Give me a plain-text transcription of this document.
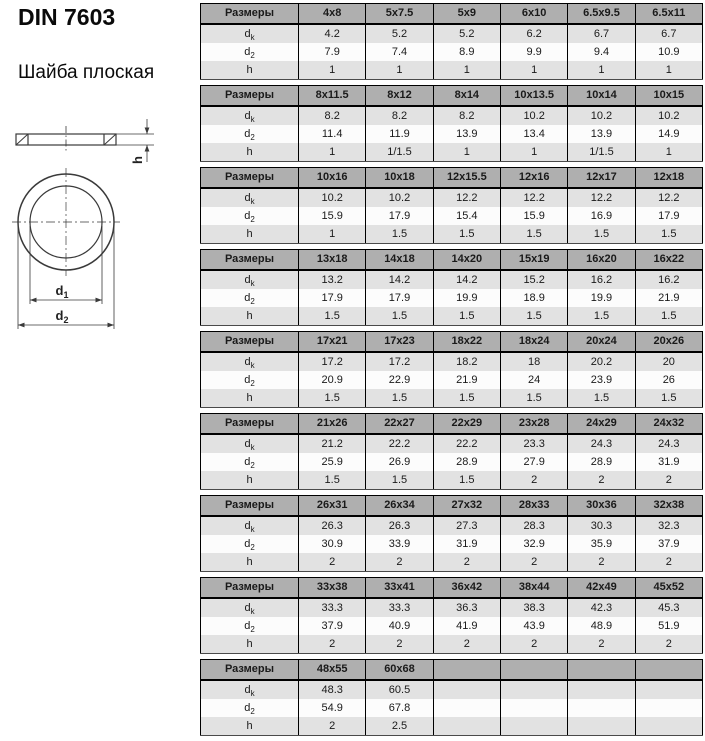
DIN 7603
Шайба плоская
h
$d_1$
$d_2$
Размеры	4x8	5x7.5	5x9	6x10	6.5x9.5	6.5x11
$d_k$	4.2	5.2	5.2	6.2	6.7	6.7
$d_2$	7.9	7.4	8.9	9.9	9.4	10.9
h	1	1	1	1	1	1
Размеры	8x11.5	8x12	8x14	10x13.5	10x14	10x15
$d_k$	8.2	8.2	8.2	10.2	10.2	10.2
$d_2$	11.4	11.9	13.9	13.4	13.9	14.9
h	1	1/1.5	1	1	1/1.5	1
Размеры	10x16	10x18	12x15.5	12x16	12x17	12x18
$d_k$	10.2	10.2	12.2	12.2	12.2	12.2
$d_2$	15.9	17.9	15.4	15.9	16.9	17.9
h	1	1.5	1.5	1.5	1.5	1.5
Размеры	13x18	14x18	14x20	15x19	16x20	16x22
$d_k$	13.2	14.2	14.2	15.2	16.2	16.2
$d_2$	17.9	17.9	19.9	18.9	19.9	21.9
h	1.5	1.5	1.5	1.5	1.5	1.5
Размеры	17x21	17x23	18x22	18x24	20x24	20x26
$d_k$	17.2	17.2	18.2	18	20.2	20
$d_2$	20.9	22.9	21.9	24	23.9	26
h	1.5	1.5	1.5	1.5	1.5	1.5
Размеры	21x26	22x27	22x29	23x28	24x29	24x32
$d_k$	21.2	22.2	22.2	23.3	24.3	24.3
$d_2$	25.9	26.9	28.9	27.9	28.9	31.9
h	1.5	1.5	1.5	2	2	2
Размеры	26x31	26x34	27x32	28x33	30x36	32x38
$d_k$	26.3	26.3	27.3	28.3	30.3	32.3
$d_2$	30.9	33.9	31.9	32.9	35.9	37.9
h	2	2	2	2	2	2
Размеры	33x38	33x41	36x42	38x44	42x49	45x52
$d_k$	33.3	33.3	36.3	38.3	42.3	45.3
$d_2$	37.9	40.9	41.9	43.9	48.9	51.9
h	2	2	2	2	2	2
Размеры	48x55	60x68				
$d_k$	48.3	60.5				
$d_2$	54.9	67.8				
h	2	2.5				
